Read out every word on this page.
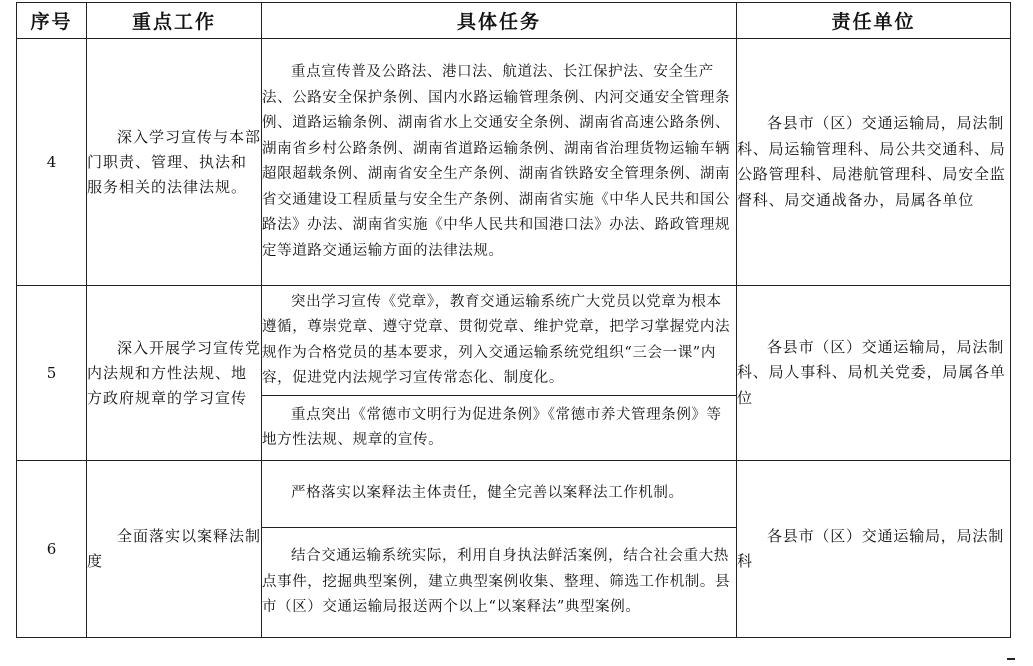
序号	重点工作	具体任务	责任单位
4	深入学习宣传与本部门职责、管理、执法和服务相关的法律法规。	重点宣传普及公路法、港口法、航道法、长江保护法、安全生产法、公路安全保护条例、国内水路运输管理条例、内河交通安全管理条例、道路运输条例、湖南省水上交通安全条例、湖南省高速公路条例、湖南省乡村公路条例、湖南省道路运输条例、湖南省治理货物运输车辆超限超载条例、湖南省安全生产条例、湖南省铁路安全管理条例、湖南省交通建设工程质量与安全生产条例、湖南省实施《中华人民共和国公路法》办法、湖南省实施《中华人民共和国港口法》办法、路政管理规定等道路交通运输方面的法律法规。	各县市（区）交通运输局，局法制科、局运输管理科、局公共交通科、局公路管理科、局港航管理科、局安全监督科、局交通战备办，局属各单位

5	深入开展学习宣传党内法规和方性法规、地方政府规章的学习宣传	突出学习宣传《党章》，教育交通运输系统广大党员以党章为根本遵循，尊崇党章、遵守党章、贯彻党章、维护党章，把学习掌握党内法规作为合格党员的基本要求，列入交通运输系统党组织“三会一课”内容，促进党内法规学习宣传常态化、制度化。	各县市（区）交通运输局，局法制科、局人事科、局机关党委，局属各单位

		重点突出《常德市文明行为促进条例》《常德市养犬管理条例》等地方性法规、规章的宣传。	

6	全面落实以案释法制度	严格落实以案释法主体责任，健全完善以案释法工作机制。	各县市（区）交通运输局，局法制科

		结合交通运输系统实际，利用自身执法鲜活案例，结合社会重大热点事件，挖掘典型案例，建立典型案例收集、整理、筛选工作机制。县市（区）交通运输局报送两个以上“以案释法”典型案例。	
